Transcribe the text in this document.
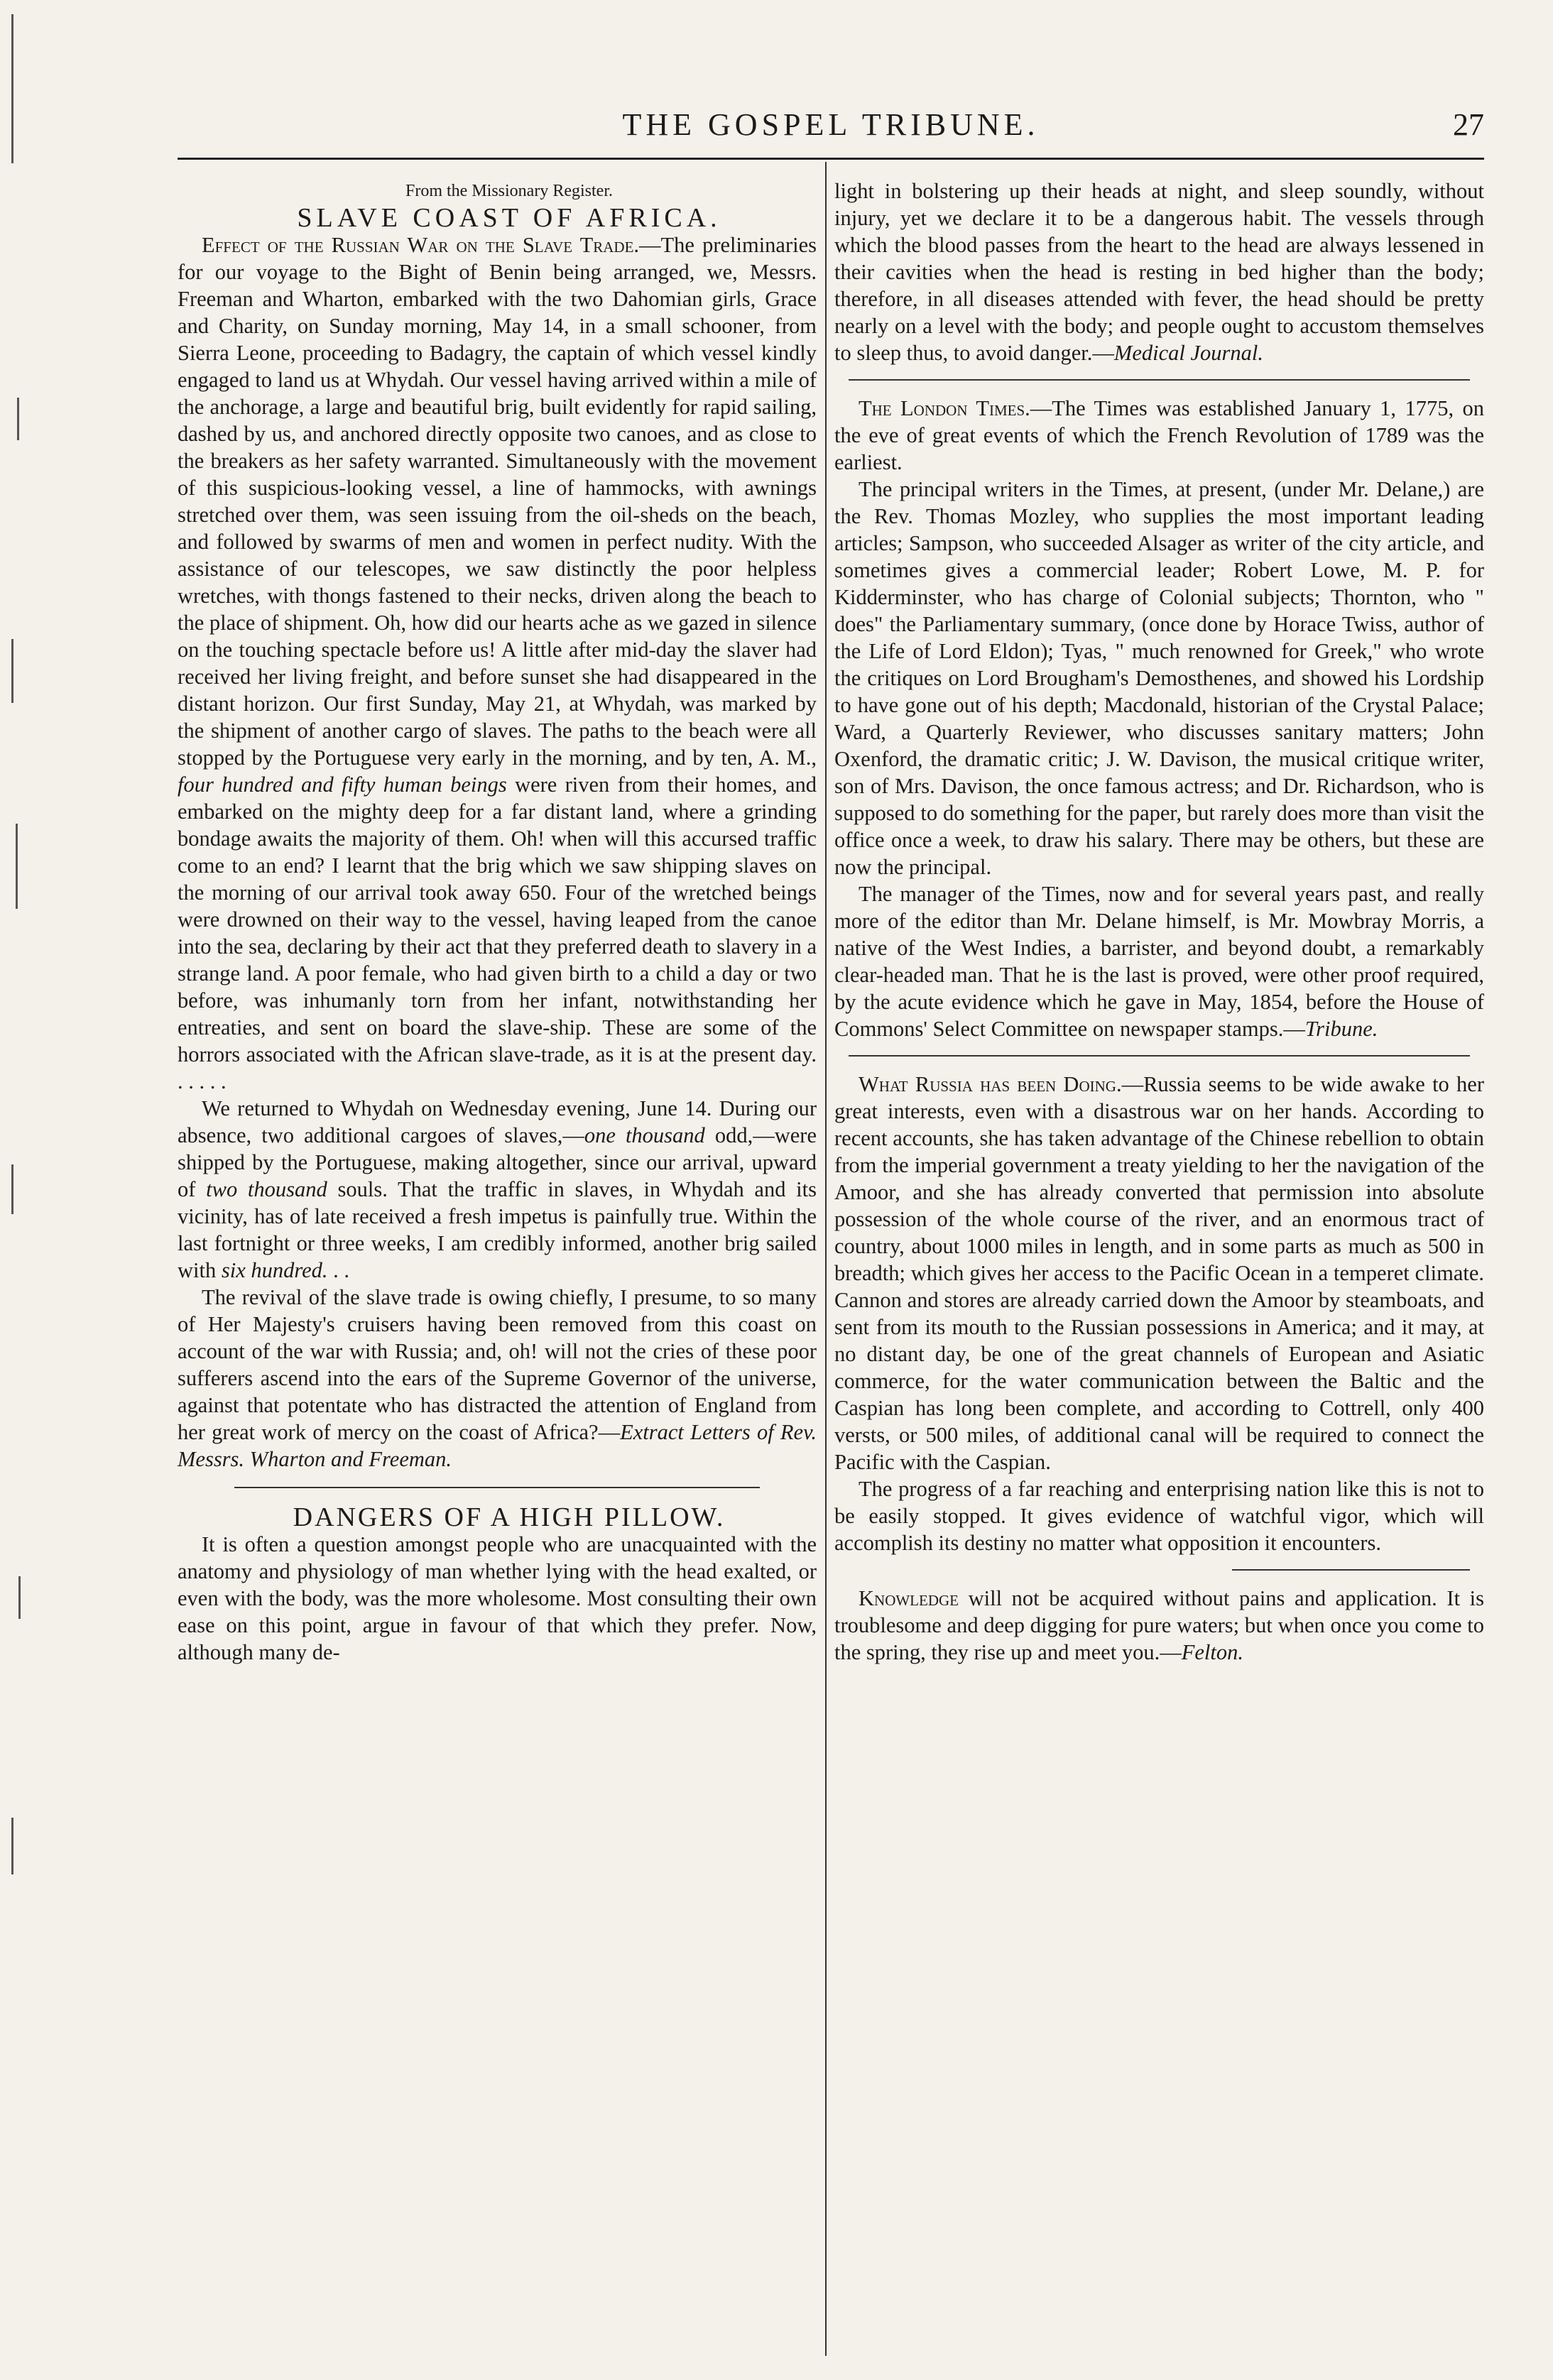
THE GOSPEL TRIBUNE.	27

From the Missionary Register.

SLAVE COAST OF AFRICA.

Effect of the Russian War on the Slave Trade.—The preliminaries for our voyage to the Bight of Benin being arranged, we, Messrs. Freeman and Wharton, embarked with the two Dahomian girls, Grace and Charity, on Sunday morning, May 14, in a small schooner, from Sierra Leone, proceeding to Badagry, the captain of which vessel kindly engaged to land us at Whydah. Our vessel having arrived within a mile of the anchorage, a large and beautiful brig, built evidently for rapid sailing, dashed by us, and anchored directly opposite two canoes, and as close to the breakers as her safety warranted. Simultaneously with the movement of this suspicious-looking vessel, a line of hammocks, with awnings stretched over them, was seen issuing from the oil-sheds on the beach, and followed by swarms of men and women in perfect nudity. With the assistance of our telescopes, we saw distinctly the poor helpless wretches, with thongs fastened to their necks, driven along the beach to the place of shipment. Oh, how did our hearts ache as we gazed in silence on the touching spectacle before us! A little after mid-day the slaver had received her living freight, and before sunset she had disappeared in the distant horizon. Our first Sunday, May 21, at Whydah, was marked by the shipment of another cargo of slaves. The paths to the beach were all stopped by the Portuguese very early in the morning, and by ten, A. M., four hundred and fifty human beings were riven from their homes, and embarked on the mighty deep for a far distant land, where a grinding bondage awaits the majority of them. Oh! when will this accursed traffic come to an end? I learnt that the brig which we saw shipping slaves on the morning of our arrival took away 650. Four of the wretched beings were drowned on their way to the vessel, having leaped from the canoe into the sea, declaring by their act that they preferred death to slavery in a strange land. A poor female, who had given birth to a child a day or two before, was inhumanly torn from her infant, notwithstanding her entreaties, and sent on board the slave-ship. These are some of the horrors associated with the African slave-trade, as it is at the present day. . . . . .

We returned to Whydah on Wednesday evening, June 14. During our absence, two additional cargoes of slaves,—one thousand odd,—were shipped by the Portuguese, making altogether, since our arrival, upward of two thousand souls. That the traffic in slaves, in Whydah and its vicinity, has of late received a fresh impetus is painfully true. Within the last fortnight or three weeks, I am credibly informed, another brig sailed with six hundred. . .

The revival of the slave trade is owing chiefly, I presume, to so many of Her Majesty's cruisers having been removed from this coast on account of the war with Russia; and, oh! will not the cries of these poor sufferers ascend into the ears of the Supreme Governor of the universe, against that potentate who has distracted the attention of England from her great work of mercy on the coast of Africa?—Extract Letters of Rev. Messrs. Wharton and Freeman.

DANGERS OF A HIGH PILLOW.

It is often a question amongst people who are unacquainted with the anatomy and physiology of man whether lying with the head exalted, or even with the body, was the more wholesome. Most consulting their own ease on this point, argue in favour of that which they prefer. Now, although many de-

light in bolstering up their heads at night, and sleep soundly, without injury, yet we declare it to be a dangerous habit. The vessels through which the blood passes from the heart to the head are always lessened in their cavities when the head is resting in bed higher than the body; therefore, in all diseases attended with fever, the head should be pretty nearly on a level with the body; and people ought to accustom themselves to sleep thus, to avoid danger.—Medical Journal.

The London Times.—The Times was established January 1, 1775, on the eve of great events of which the French Revolution of 1789 was the earliest.

The principal writers in the Times, at present, (under Mr. Delane,) are the Rev. Thomas Mozley, who supplies the most important leading articles; Sampson, who succeeded Alsager as writer of the city article, and sometimes gives a commercial leader; Robert Lowe, M. P. for Kidderminster, who has charge of Colonial subjects; Thornton, who " does" the Parliamentary summary, (once done by Horace Twiss, author of the Life of Lord Eldon); Tyas, " much renowned for Greek," who wrote the critiques on Lord Brougham's Demosthenes, and showed his Lordship to have gone out of his depth; Macdonald, historian of the Crystal Palace; Ward, a Quarterly Reviewer, who discusses sanitary matters; John Oxenford, the dramatic critic; J. W. Davison, the musical critique writer, son of Mrs. Davison, the once famous actress; and Dr. Richardson, who is supposed to do something for the paper, but rarely does more than visit the office once a week, to draw his salary. There may be others, but these are now the principal.

The manager of the Times, now and for several years past, and really more of the editor than Mr. Delane himself, is Mr. Mowbray Morris, a native of the West Indies, a barrister, and beyond doubt, a remarkably clear-headed man. That he is the last is proved, were other proof required, by the acute evidence which he gave in May, 1854, before the House of Commons' Select Committee on newspaper stamps.—Tribune.

What Russia has been Doing.—Russia seems to be wide awake to her great interests, even with a disastrous war on her hands. According to recent accounts, she has taken advantage of the Chinese rebellion to obtain from the imperial government a treaty yielding to her the navigation of the Amoor, and she has already converted that permission into absolute possession of the whole course of the river, and an enormous tract of country, about 1000 miles in length, and in some parts as much as 500 in breadth; which gives her access to the Pacific Ocean in a temperet climate. Cannon and stores are already carried down the Amoor by steamboats, and sent from its mouth to the Russian possessions in America; and it may, at no distant day, be one of the great channels of European and Asiatic commerce, for the water communication between the Baltic and the Caspian has long been complete, and according to Cottrell, only 400 versts, or 500 miles, of additional canal will be required to connect the Pacific with the Caspian.

The progress of a far reaching and enterprising nation like this is not to be easily stopped. It gives evidence of watchful vigor, which will accomplish its destiny no matter what opposition it encounters.

Knowledge will not be acquired without pains and application. It is troublesome and deep digging for pure waters; but when once you come to the spring, they rise up and meet you.—Felton.
